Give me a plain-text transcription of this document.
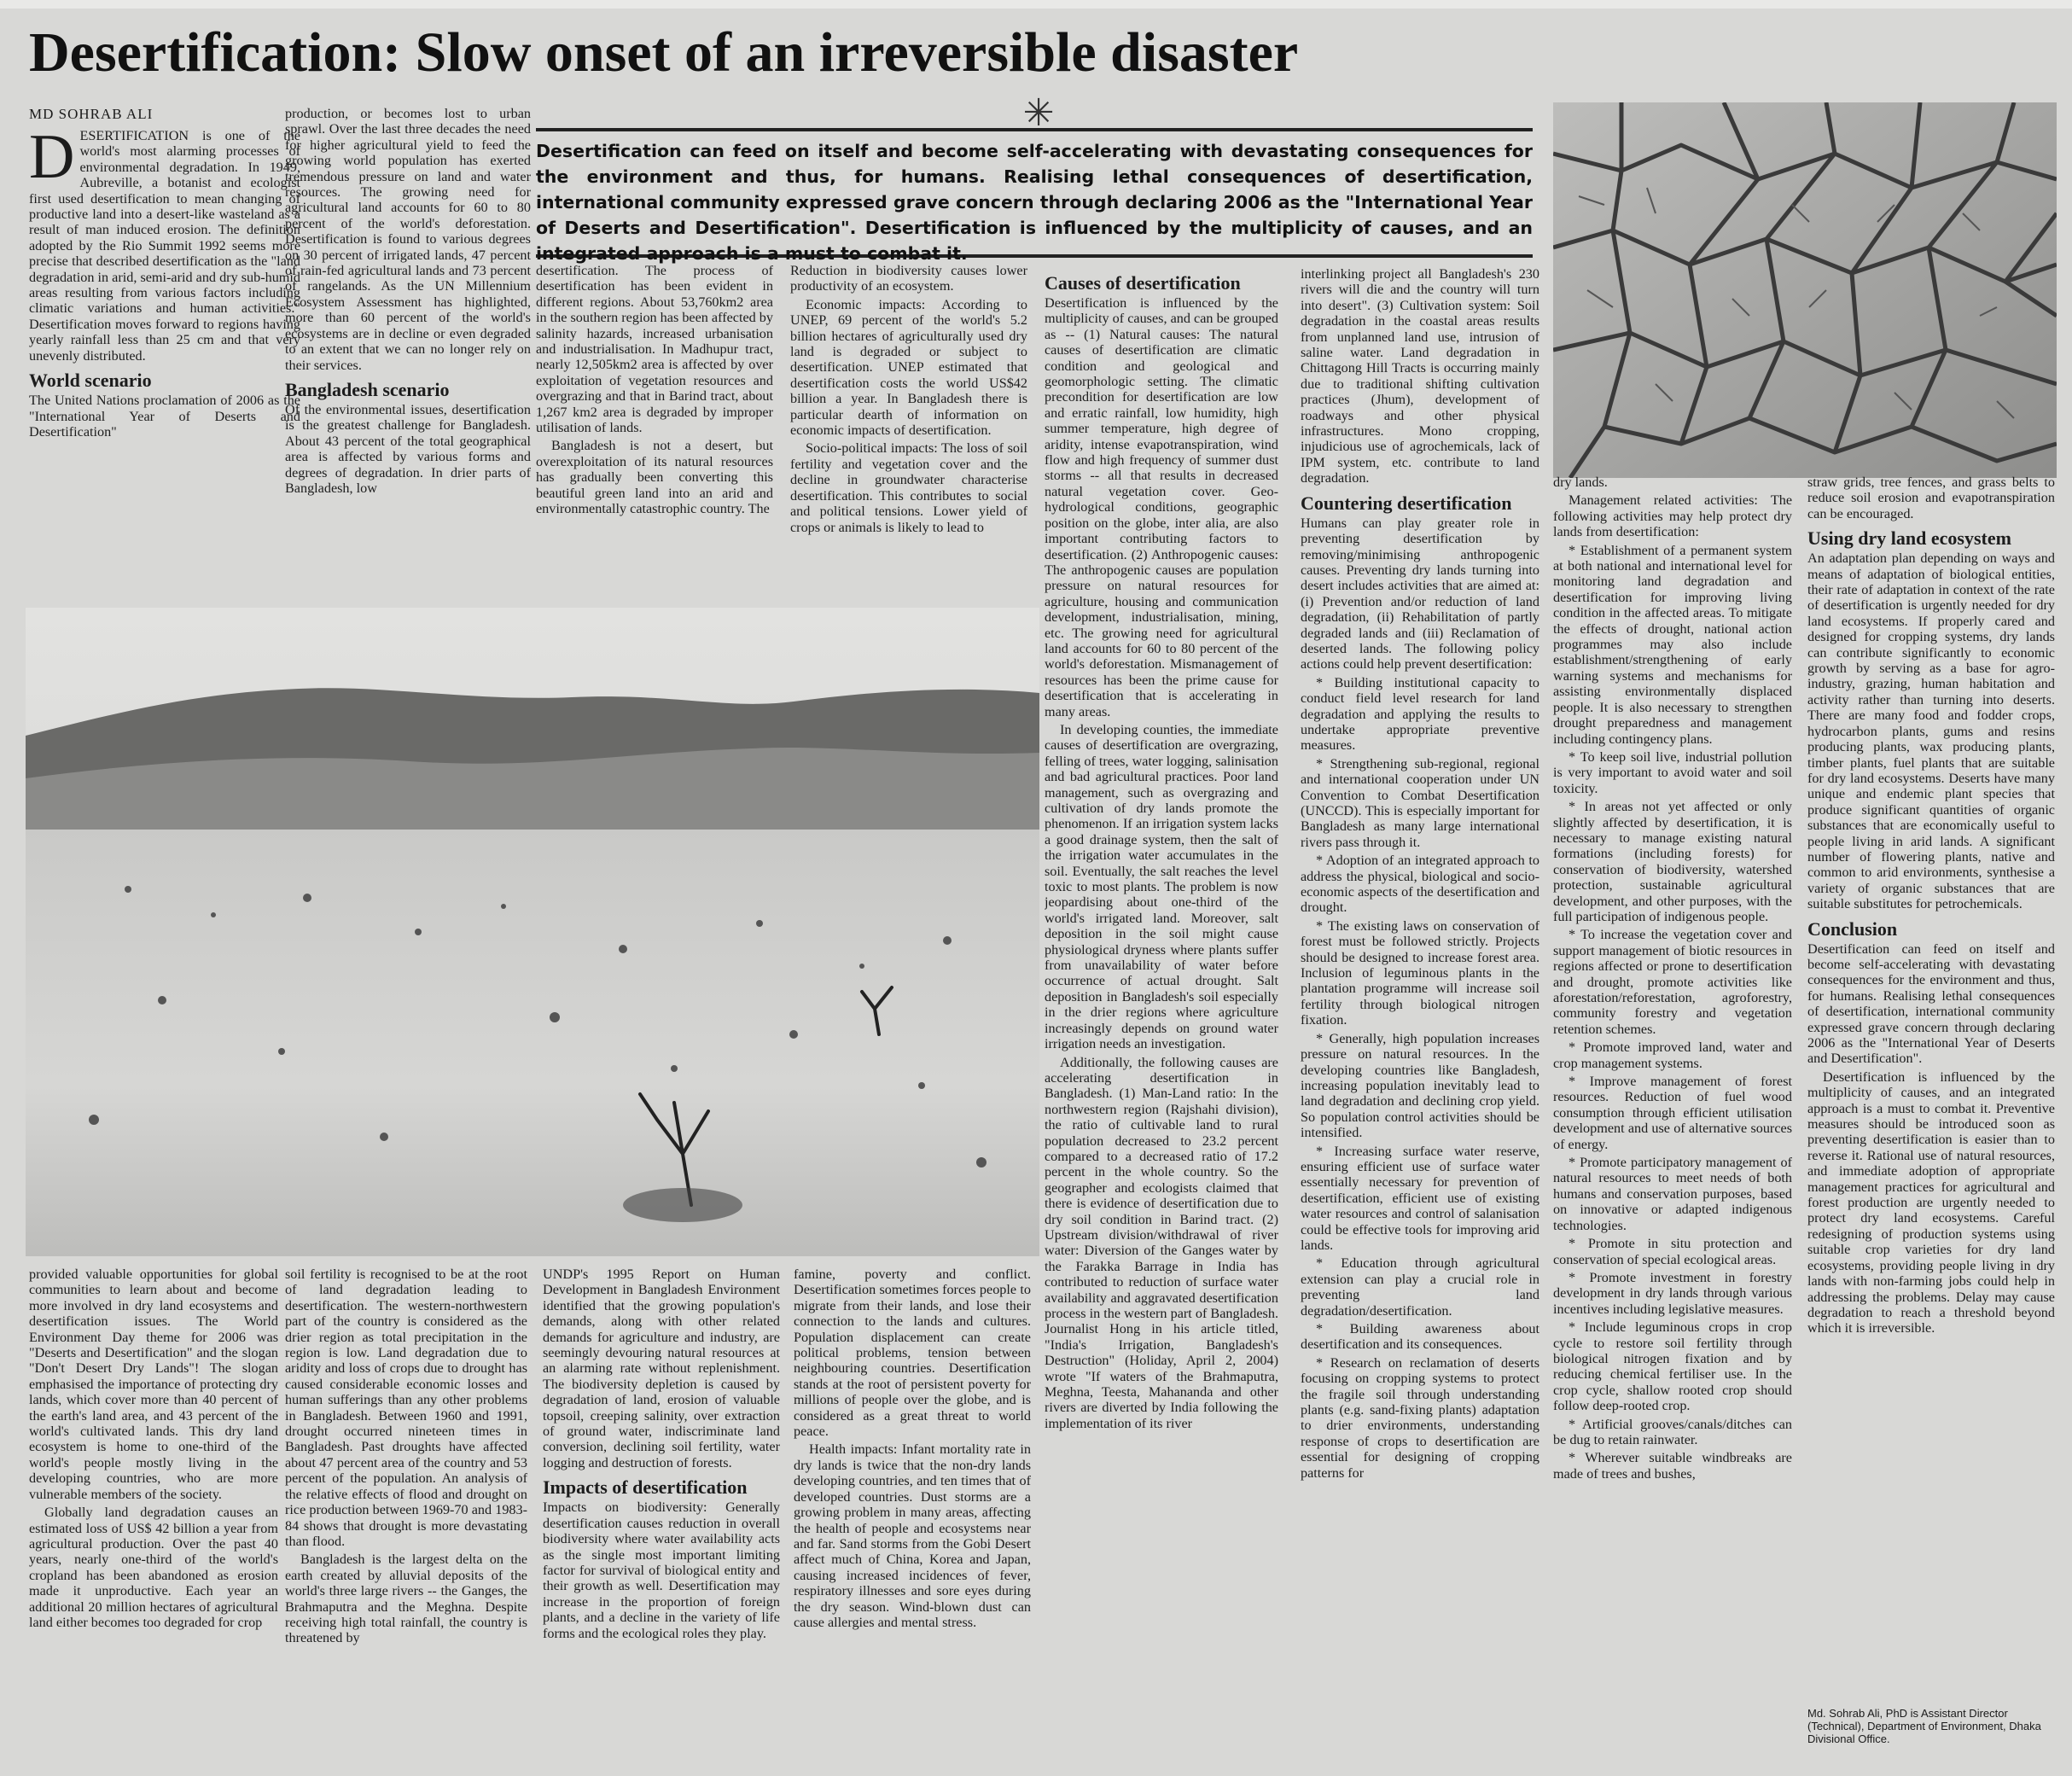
Desertification: Slow onset of an irreversible disaster
MD SOHRAB ALI	✳
Desertification can feed on itself and become self-accelerating with devastating consequences for the environment and thus, for humans. Realising lethal consequences of desertification, international community expressed grave concern through declaring 2006 as the "International Year of Deserts and Desertification". Desertification is influenced by the multiplicity of causes, and an integrated approach is a must to combat it.

DESERTIFICATION is one of the world's most alarming processes of environmental degradation. In 1949, Aubreville, a botanist and ecologist first used desertification to mean changing of productive land into a desert-like wasteland as a result of man induced erosion. The definition adopted by the Rio Summit 1992 seems more precise that described desertification as the "land degradation in arid, semi-arid and dry sub-humid areas resulting from various factors including climatic variations and human activities." Desertification moves forward to regions having yearly rainfall less than 25 cm and that very unevenly distributed.

World scenario

The United Nations proclamation of 2006 as the "International Year of Deserts and Desertification"

production, or becomes lost to urban sprawl. Over the last three decades the need for higher agricultural yield to feed the growing world population has exerted tremendous pressure on land and water resources. The growing need for agricultural land accounts for 60 to 80 percent of the world's deforestation. Desertification is found to various degrees on 30 percent of irrigated lands, 47 percent of rain-fed agricultural lands and 73 percent of rangelands. As the UN Millennium Ecosystem Assessment has highlighted, more than 60 percent of the world's ecosystems are in decline or even degraded to an extent that we can no longer rely on their services.

Bangladesh scenario

Of the environmental issues, desertification is the greatest challenge for Bangladesh. About 43 percent of the total geographical area is affected by various forms and degrees of degradation. In drier parts of Bangladesh, low

desertification. The process of desertification has been evident in different regions. About 53,760km2 area in the southern region has been affected by salinity hazards, increased urbanisation and industrialisation. In Madhupur tract, nearly 12,505km2 area is affected by over exploitation of vegetation resources and overgrazing and that in Barind tract, about 1,267 km2 area is degraded by improper utilisation of lands.

Bangladesh is not a desert, but overexploitation of its natural resources has gradually been converting this beautiful green land into an arid and environmentally catastrophic country. The

Reduction in biodiversity causes lower productivity of an ecosystem.

Economic impacts: According to UNEP, 69 percent of the world's 5.2 billion hectares of agriculturally used dry land is degraded or subject to desertification. UNEP estimated that desertification costs the world US$42 billion a year. In Bangladesh there is particular dearth of information on economic impacts of desertification.

Socio-political impacts: The loss of soil fertility and vegetation cover and the decline in groundwater characterise desertification. This contributes to social and political tensions. Lower yield of crops or animals is likely to lead to

Causes of desertification

Desertification is influenced by the multiplicity of causes, and can be grouped as -- (1) Natural causes: The natural causes of desertification are climatic condition and geological and geomorphologic setting. The climatic precondition for desertification are low and erratic rainfall, low humidity, high summer temperature, high degree of aridity, intense evapotranspiration, wind flow and high frequency of summer dust storms -- all that results in decreased natural vegetation cover. Geo-hydrological conditions, geographic position on the globe, inter alia, are also important contributing factors to desertification. (2) Anthropogenic causes: The anthropogenic causes are population pressure on natural resources for agriculture, housing and communication development, industrialisation, mining, etc. The growing need for agricultural land accounts for 60 to 80 percent of the world's deforestation. Mismanagement of resources has been the prime cause for desertification that is accelerating in many areas.

In developing counties, the immediate causes of desertification are overgrazing, felling of trees, water logging, salinisation and bad agricultural practices. Poor land management, such as overgrazing and cultivation of dry lands promote the phenomenon. If an irrigation system lacks a good drainage system, then the salt of the irrigation water accumulates in the soil. Eventually, the salt reaches the level toxic to most plants. The problem is now jeopardising about one-third of the world's irrigated land. Moreover, salt deposition in the soil might cause physiological dryness where plants suffer from unavailability of water before occurrence of actual drought. Salt deposition in Bangladesh's soil especially in the drier regions where agriculture increasingly depends on ground water irrigation needs an investigation.

Additionally, the following causes are accelerating desertification in Bangladesh. (1) Man-Land ratio: In the northwestern region (Rajshahi division), the ratio of cultivable land to rural population decreased to 23.2 percent compared to a decreased ratio of 17.2 percent in the whole country. So the geographer and ecologists claimed that there is evidence of desertification due to dry soil condition in Barind tract. (2) Upstream division/withdrawal of river water: Diversion of the Ganges water by the Farakka Barrage in India has contributed to reduction of surface water availability and aggravated desertification process in the western part of Bangladesh. Journalist Hong in his article titled, "India's Irrigation, Bangladesh's Destruction" (Holiday, April 2, 2004) wrote "If waters of the Brahmaputra, Meghna, Teesta, Mahananda and other rivers are diverted by India following the implementation of its river

interlinking project all Bangladesh's 230 rivers will die and the country will turn into desert". (3) Cultivation system: Soil degradation in the coastal areas results from unplanned land use, intrusion of saline water. Land degradation in Chittagong Hill Tracts is occurring mainly due to traditional shifting cultivation practices (Jhum), development of roadways and other physical infrastructures. Mono cropping, injudicious use of agrochemicals, lack of IPM system, etc. contribute to land degradation.

Countering desertification

Humans can play greater role in preventing desertification by removing/minimising anthropogenic causes. Preventing dry lands turning into desert includes activities that are aimed at: (i) Prevention and/or reduction of land degradation, (ii) Rehabilitation of partly degraded lands and (iii) Reclamation of deserted lands. The following policy actions could help prevent desertification:

* Building institutional capacity to conduct field level research for land degradation and applying the results to undertake appropriate preventive measures.

* Strengthening sub-regional, regional and international cooperation under UN Convention to Combat Desertification (UNCCD). This is especially important for Bangladesh as many large international rivers pass through it.

* Adoption of an integrated approach to address the physical, biological and socio-economic aspects of the desertification and drought.

* The existing laws on conservation of forest must be followed strictly. Projects should be designed to increase forest area. Inclusion of leguminous plants in the plantation programme will increase soil fertility through biological nitrogen fixation.

* Generally, high population increases pressure on natural resources. In the developing countries like Bangladesh, increasing population inevitably lead to land degradation and declining crop yield. So population control activities should be intensified.

* Increasing surface water reserve, ensuring efficient use of surface water essentially necessary for prevention of desertification, efficient use of existing water resources and control of salanisation could be effective tools for improving arid lands.

* Education through agricultural extension can play a crucial role in preventing land degradation/desertification.

* Building awareness about desertification and its consequences.

* Research on reclamation of deserts focusing on cropping systems to protect the fragile soil through understanding plants (e.g. sand-fixing plants) adaptation to drier environments, understanding response of crops to desertification are essential for designing of cropping patterns for

dry lands.

Management related activities: The following activities may help protect dry lands from desertification:

* Establishment of a permanent system at both national and international level for monitoring land degradation and desertification for improving living condition in the affected areas. To mitigate the effects of drought, national action programmes may also include establishment/strengthening of early warning systems and mechanisms for assisting environmentally displaced people. It is also necessary to strengthen drought preparedness and management including contingency plans.

* To keep soil live, industrial pollution is very important to avoid water and soil toxicity.

* In areas not yet affected or only slightly affected by desertification, it is necessary to manage existing natural formations (including forests) for conservation of biodiversity, watershed protection, sustainable agricultural development, and other purposes, with the full participation of indigenous people.

* To increase the vegetation cover and support management of biotic resources in regions affected or prone to desertification and drought, promote activities like aforestation/reforestation, agroforestry, community forestry and vegetation retention schemes.

* Promote improved land, water and crop management systems.

* Improve management of forest resources. Reduction of fuel wood consumption through efficient utilisation development and use of alternative sources of energy.

* Promote participatory management of natural resources to meet needs of both humans and conservation purposes, based on innovative or adapted indigenous technologies.

* Promote in situ protection and conservation of special ecological areas.

* Promote investment in forestry development in dry lands through various incentives including legislative measures.

* Include leguminous crops in crop cycle to restore soil fertility through biological nitrogen fixation and by reducing chemical fertiliser use. In the crop cycle, shallow rooted crop should follow deep-rooted crop.

* Artificial grooves/canals/ditches can be dug to retain rainwater.

* Wherever suitable windbreaks are made of trees and bushes,

straw grids, tree fences, and grass belts to reduce soil erosion and evapotranspiration can be encouraged.

Using dry land ecosystem

An adaptation plan depending on ways and means of adaptation of biological entities, their rate of adaptation in context of the rate of desertification is urgently needed for dry land ecosystems. If properly cared and designed for cropping systems, dry lands can contribute significantly to economic growth by serving as a base for agro-industry, grazing, human habitation and activity rather than turning into deserts. There are many food and fodder crops, hydrocarbon plants, gums and resins producing plants, wax producing plants, timber plants, fuel plants that are suitable for dry land ecosystems. Deserts have many unique and endemic plant species that produce significant quantities of organic substances that are economically useful to people living in arid lands. A significant number of flowering plants, native and common to arid environments, synthesise a variety of organic substances that are suitable substitutes for petrochemicals.

Conclusion

Desertification can feed on itself and become self-accelerating with devastating consequences for the environment and thus, for humans. Realising lethal consequences of desertification, international community expressed grave concern through declaring 2006 as the "International Year of Deserts and Desertification".

Desertification is influenced by the multiplicity of causes, and an integrated approach is a must to combat it. Preventive measures should be introduced soon as preventing desertification is easier than to reverse it. Rational use of natural resources, and immediate adoption of appropriate management practices for agricultural and forest production are urgently needed to protect dry land ecosystems. Careful redesigning of production systems using suitable crop varieties for dry land ecosystems, providing people living in dry lands with non-farming jobs could help in addressing the problems. Delay may cause degradation to reach a threshold beyond which it is irreversible.

Md. Sohrab Ali, PhD is Assistant Director (Technical), Department of Environment, Dhaka Divisional Office.

provided valuable opportunities for global communities to learn about and become more involved in dry land ecosystems and desertification issues. The World Environment Day theme for 2006 was "Deserts and Desertification" and the slogan "Don't Desert Dry Lands"! The slogan emphasised the importance of protecting dry lands, which cover more than 40 percent of the earth's land area, and 43 percent of the world's cultivated lands. This dry land ecosystem is home to one-third of the world's people mostly living in the developing countries, who are more vulnerable members of the society.

Globally land degradation causes an estimated loss of US$ 42 billion a year from agricultural production. Over the past 40 years, nearly one-third of the world's cropland has been abandoned as erosion made it unproductive. Each year an additional 20 million hectares of agricultural land either becomes too degraded for crop

soil fertility is recognised to be at the root of land degradation leading to desertification. The western-northwestern part of the country is considered as the drier region as total precipitation in the region is low. Land degradation due to aridity and loss of crops due to drought has caused considerable economic losses and human sufferings than any other problems in Bangladesh. Between 1960 and 1991, drought occurred nineteen times in Bangladesh. Past droughts have affected about 47 percent area of the country and 53 percent of the population. An analysis of the relative effects of flood and drought on rice production between 1969-70 and 1983-84 shows that drought is more devastating than flood.

Bangladesh is the largest delta on the earth created by alluvial deposits of the world's three large rivers -- the Ganges, the Brahmaputra and the Meghna. Despite receiving high total rainfall, the country is threatened by

UNDP's 1995 Report on Human Development in Bangladesh Environment identified that the growing population's demands, along with other related demands for agriculture and industry, are seemingly devouring natural resources at an alarming rate without replenishment. The biodiversity depletion is caused by degradation of land, erosion of valuable topsoil, creeping salinity, over extraction of ground water, indiscriminate land conversion, declining soil fertility, water logging and destruction of forests.

Impacts of desertification

Impacts on biodiversity: Generally desertification causes reduction in overall biodiversity where water availability acts as the single most important limiting factor for survival of biological entity and their growth as well. Desertification may increase in the proportion of foreign plants, and a decline in the variety of life forms and the ecological roles they play.

famine, poverty and conflict. Desertification sometimes forces people to migrate from their lands, and lose their connection to the lands and cultures. Population displacement can create political problems, tension between neighbouring countries. Desertification stands at the root of persistent poverty for millions of people over the globe, and is considered as a great threat to world peace.

Health impacts: Infant mortality rate in dry lands is twice that the non-dry lands developing countries, and ten times that of developed countries. Dust storms are a growing problem in many areas, affecting the health of people and ecosystems near and far. Sand storms from the Gobi Desert affect much of China, Korea and Japan, causing increased incidences of fever, respiratory illnesses and sore eyes during the dry season. Wind-blown dust can cause allergies and mental stress.
